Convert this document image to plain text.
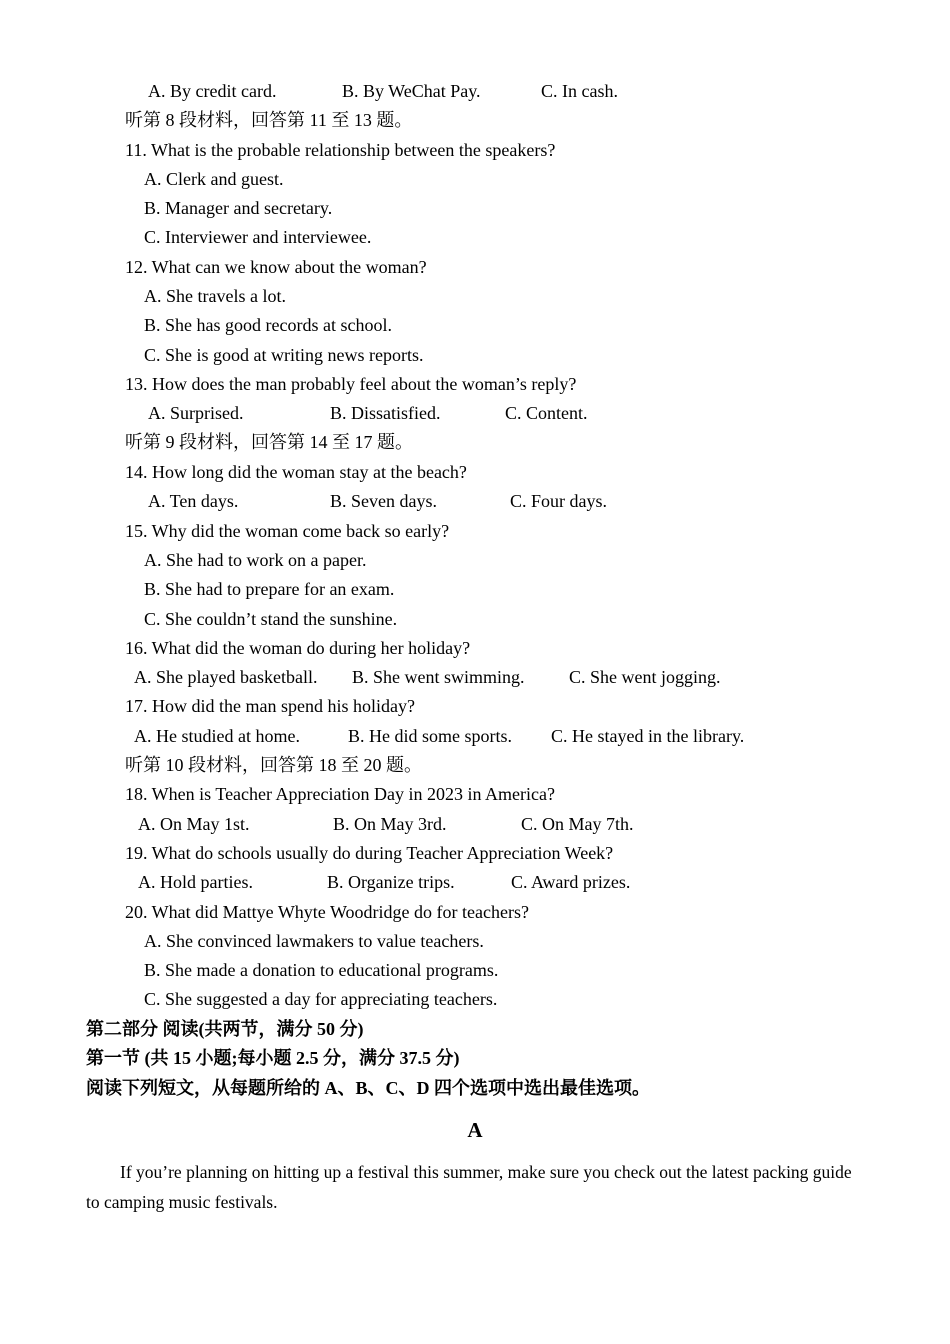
A. By credit card.	B. By WeChat Pay.	C. In cash.
听第 8 段材料，回答第 11 至 13 题。
11. What is the probable relationship between the speakers?
A. Clerk and guest.
B. Manager and secretary.
C. Interviewer and interviewee.
12. What can we know about the woman?
A. She travels a lot.
B. She has good records at school.
C. She is good at writing news reports.
13. How does the man probably feel about the woman’s reply?
A. Surprised.	B. Dissatisfied.	C. Content.
听第 9 段材料，回答第 14 至 17 题。
14. How long did the woman stay at the beach?
A. Ten days.	B. Seven days.	C. Four days.
15. Why did the woman come back so early?
A. She had to work on a paper.
B. She had to prepare for an exam.
C. She couldn’t stand the sunshine.
16. What did the woman do during her holiday?
A. She played basketball. B. She went swimming. C. She went jogging.
17. How did the man spend his holiday?
A. He studied at home.	B. He did some sports. C. He stayed in the library.
听第 10 段材料，回答第 18 至 20 题。
18. When is Teacher Appreciation Day in 2023 in America?
A. On May 1st.	B. On May 3rd.	C. On May 7th.
19. What do schools usually do during Teacher Appreciation Week?
A. Hold parties.	B. Organize trips.	C. Award prizes.
20. What did Mattye Whyte Woodridge do for teachers?
A. She convinced lawmakers to value teachers.
B. She made a donation to educational programs.
C. She suggested a day for appreciating teachers.
第二部分 阅读(共两节，满分 50 分)
第一节 (共 15 小题;每小题 2.5 分，满分 37.5 分)
阅读下列短文，从每题所给的 A、B、C、D 四个选项中选出最佳选项。
A
If you’re planning on hitting up a festival this summer, make sure you check out the latest packing guide to camping music festivals.
